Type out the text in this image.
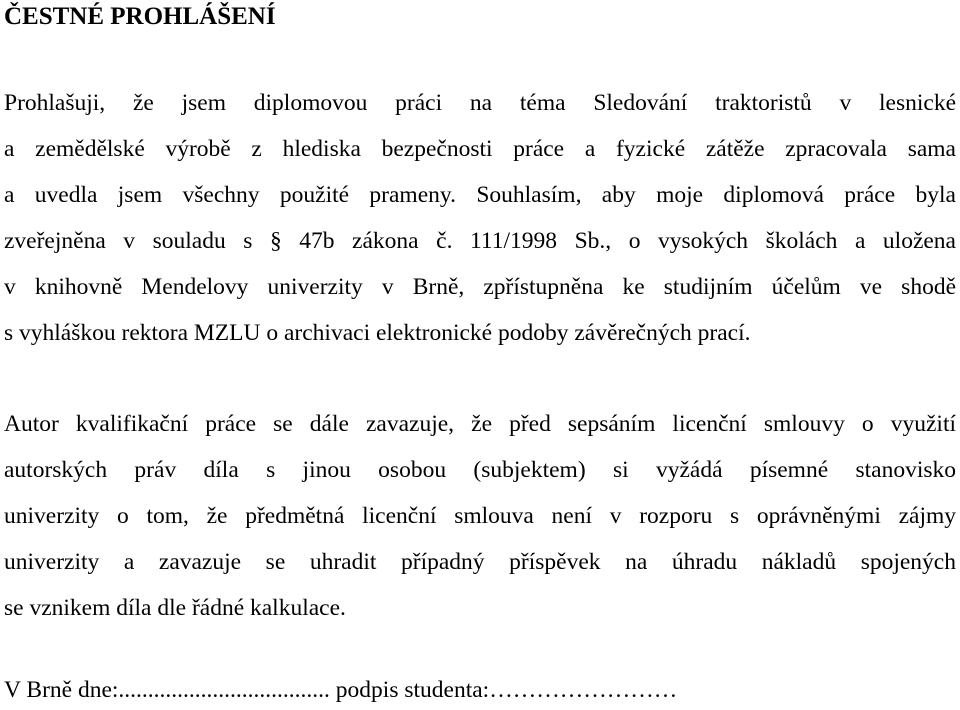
ČESTNÉ PROHLÁŠENÍ

Prohlašuji, že jsem diplomovou práci na téma Sledování traktoristů v lesnické
a zemědělské výrobě z hlediska bezpečnosti práce a fyzické zátěže zpracovala sama
a uvedla jsem všechny použité prameny. Souhlasím, aby moje diplomová práce byla
zveřejněna v souladu s § 47b zákona č. 111/1998 Sb., o vysokých školách a uložena
v knihovně Mendelovy univerzity v Brně, zpřístupněna ke studijním účelům ve shodě
s vyhláškou rektora MZLU o archivaci elektronické podoby závěrečných prací.

Autor kvalifikační práce se dále zavazuje, že před sepsáním licenční smlouvy o využití
autorských práv díla s jinou osobou (subjektem) si vyžádá písemné stanovisko
univerzity o tom, že předmětná licenční smlouva není v rozporu s oprávněnými zájmy
univerzity a zavazuje se uhradit případný příspěvek na úhradu nákladů spojených
se vznikem díla dle řádné kalkulace.

V Brně dne:.................................... podpis studenta:……………………
